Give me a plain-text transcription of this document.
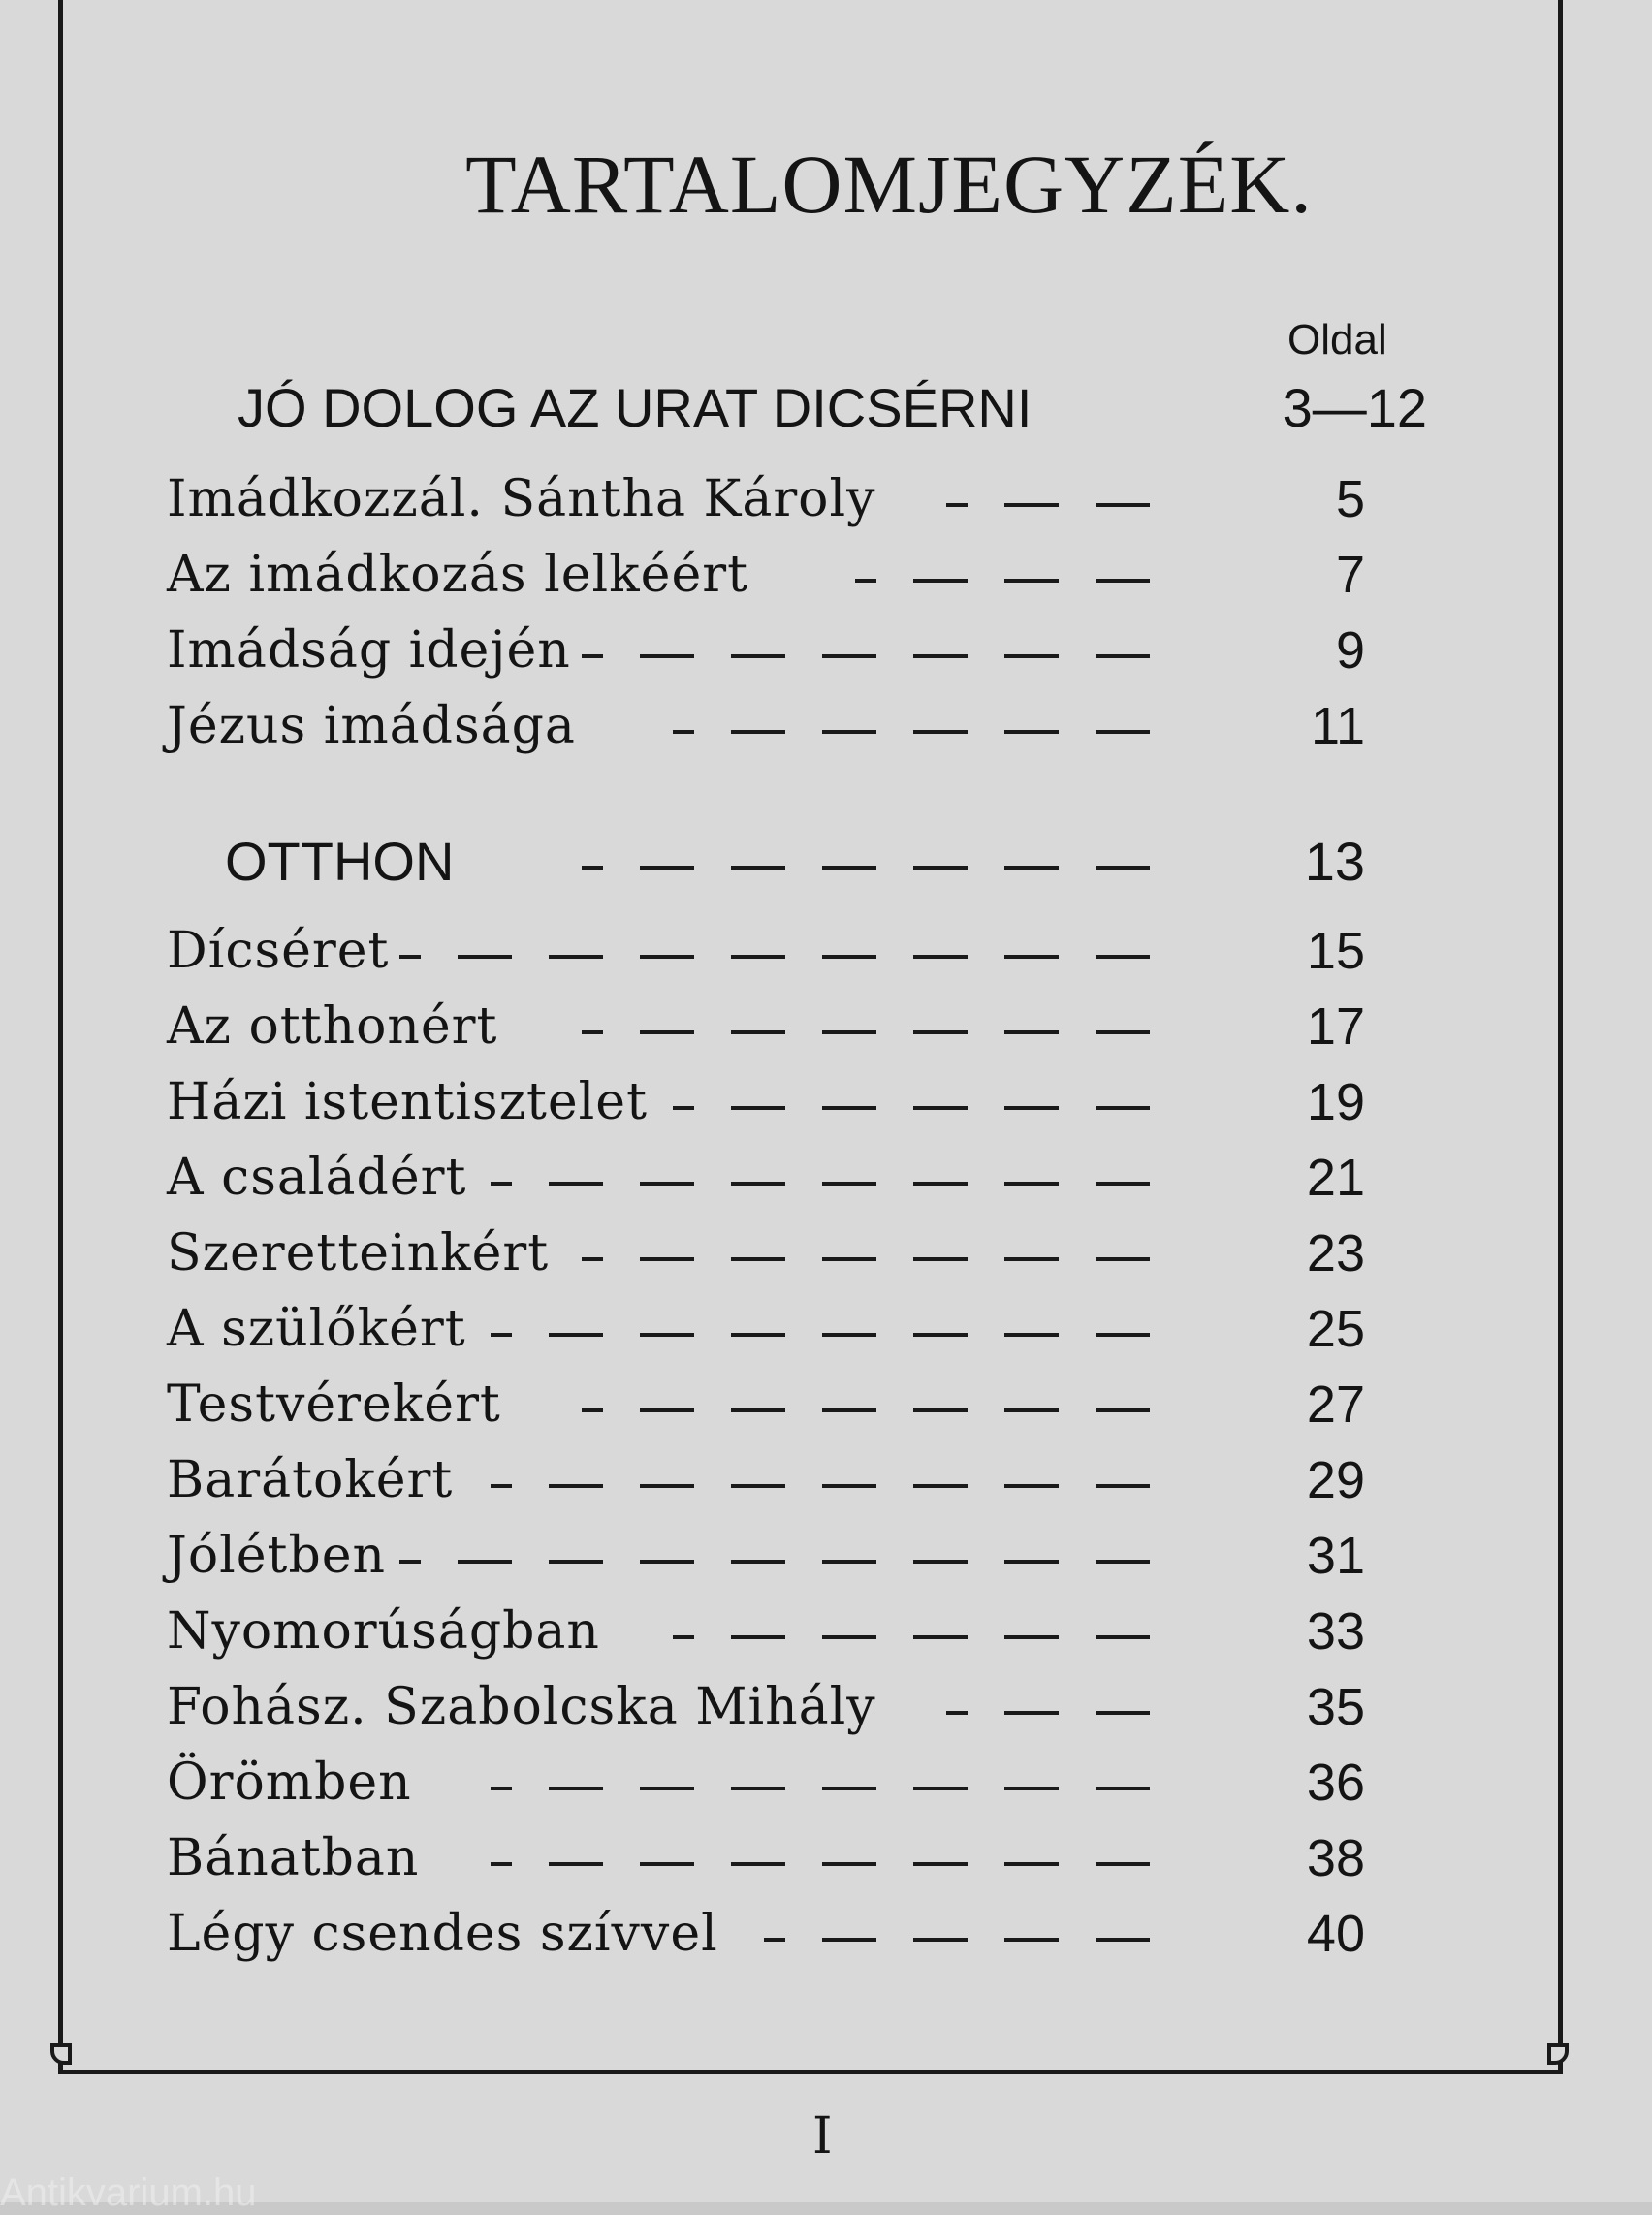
TARTALOMJEGYZÉK.
Oldal
JÓ DOLOG AZ URAT DICSÉRNI	3—12
Imádkozzál. Sántha Károly	5
Az imádkozás lelkéért	7
Imádság idején	9
Jézus imádsága	11
OTTHON	13
Dícséret	15
Az otthonért	17
Házi istentisztelet	19
A családért	21
Szeretteinkért	23
A szülőkért	25
Testvérekért	27
Barátokért	29
Jólétben	31
Nyomorúságban	33
Fohász. Szabolcska Mihály	35
Örömben	36
Bánatban	38
Légy csendes szívvel	40
I
Antikvarium.hu
